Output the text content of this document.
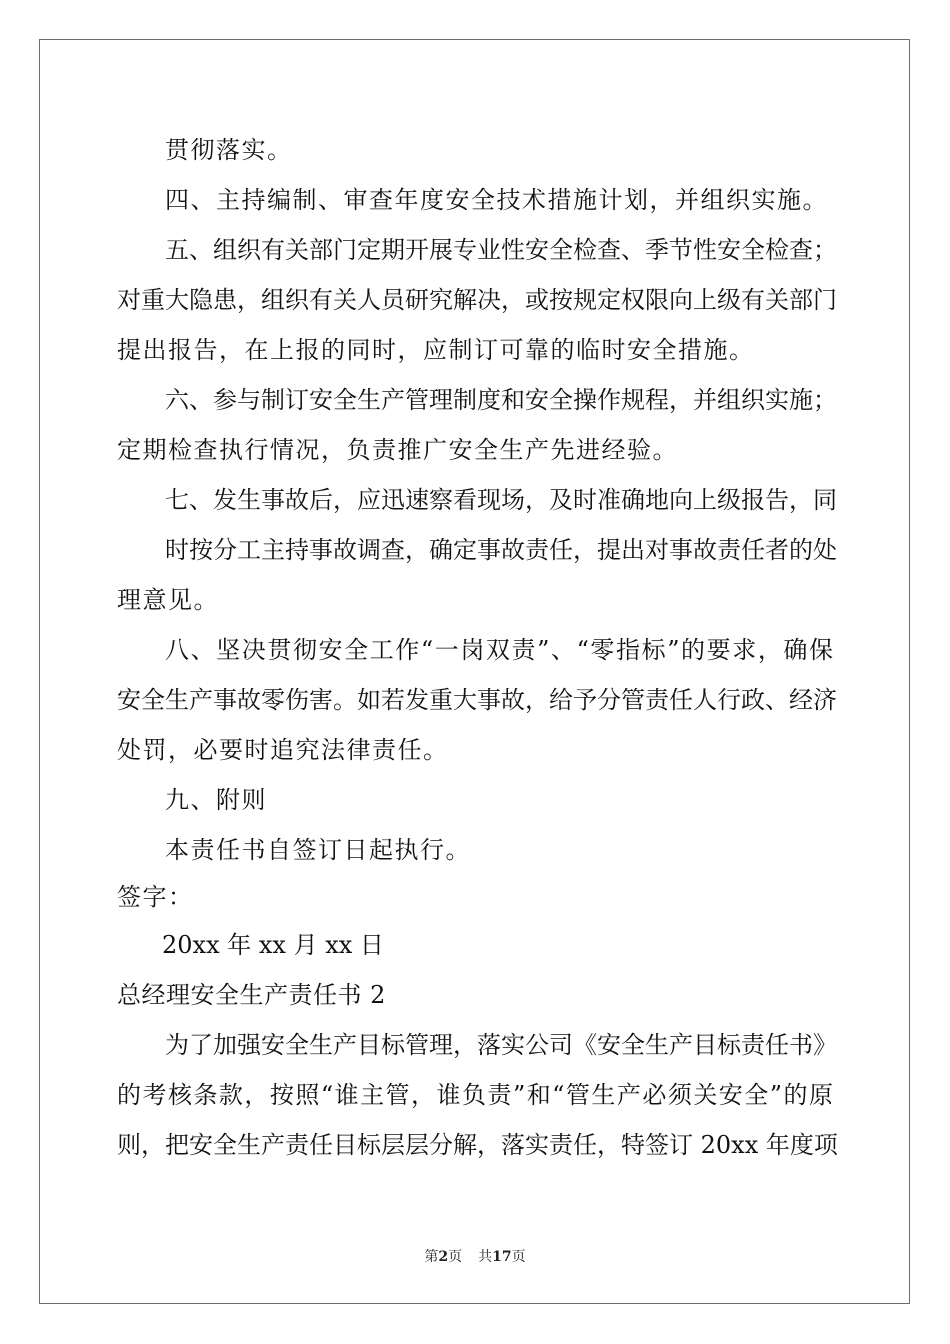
贯彻落实。
四、主持编制、审查年度安全技术措施计划，并组织实施。
五、组织有关部门定期开展专业性安全检查、季节性安全检查；
对重大隐患，组织有关人员研究解决，或按规定权限向上级有关部门
提出报告，在上报的同时，应制订可靠的临时安全措施。
六、参与制订安全生产管理制度和安全操作规程，并组织实施；
定期检查执行情况，负责推广安全生产先进经验。
七、发生事故后，应迅速察看现场，及时准确地向上级报告，同
时按分工主持事故调查，确定事故责任，提出对事故责任者的处
理意见。
八、坚决贯彻安全工作“一岗双责”、“零指标”的要求，确保
安全生产事故零伤害。如若发重大事故，给予分管责任人行政、经济
处罚，必要时追究法律责任。
九、附则
本责任书自签订日起执行。
签字：
20xx 年 xx 月 xx 日
总经理安全生产责任书 2
为了加强安全生产目标管理，落实公司《安全生产目标责任书》
的考核条款，按照“谁主管，谁负责”和“管生产必须关安全”的原
则，把安全生产责任目标层层分解，落实责任，特签订 20xx 年度项
第2页 共17页
